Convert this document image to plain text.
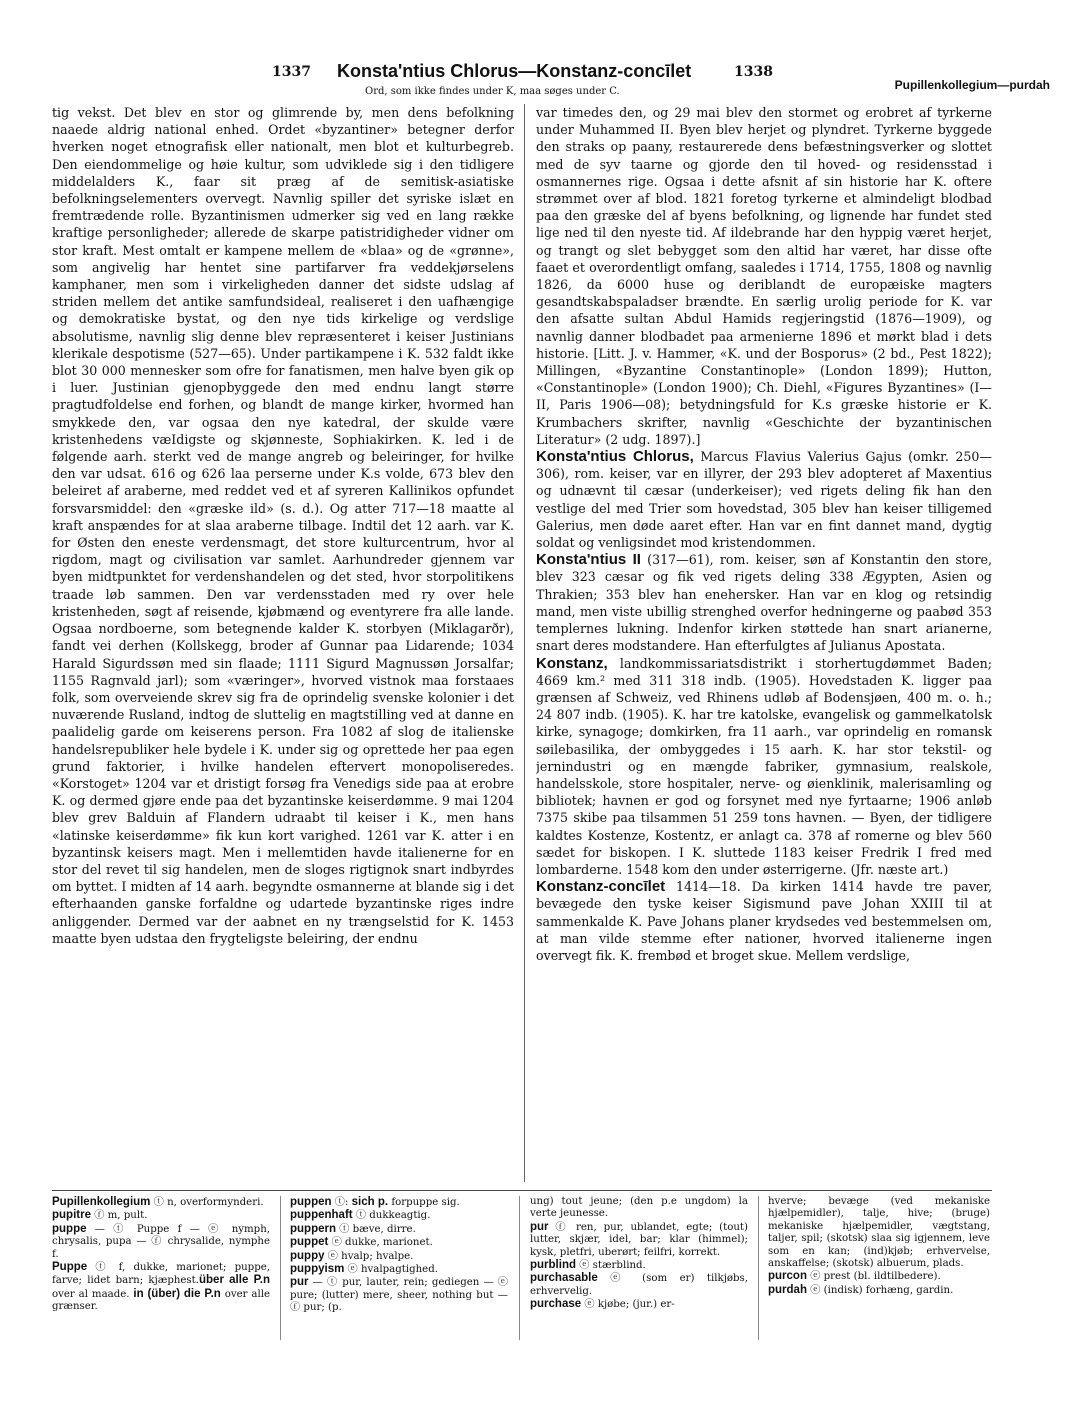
1337 Konsta'ntius Chlorus—Konstanz-concīlet	1338
Pupillenkollegium—purdah
Ord, som ikke findes under K, maa søges under C.

tig vekst. Det blev en stor og glimrende by, men dens befolkning naaede aldrig national enhed. Ordet «byzantiner» betegner derfor hverken noget etnografisk eller nationalt, men blot et kulturbegreb. Den eiendommelige og høie kultur, som udviklede sig i den tidligere middelalders K., faar sit præg af de semitisk-asiatiske befolkningselementers overvegt. Navnlig spiller det syriske islæt en fremtrædende rolle. Byzantinismen udmerker sig ved en lang række kraftige personligheder; allerede de skarpe patistridigheder vidner om stor kraft. Mest omtalt er kampene mellem de «blaa» og de «grønne», som angivelig har hentet sine partifarver fra veddekjørselens kamphaner, men som i virkeligheden danner det sidste udslag af striden mellem det antike samfundsideal, realiseret i den uafhængige og demokratiske bystat, og den nye tids kirkelige og verdslige absolutisme, navnlig slig denne blev repræsenteret i keiser Justinians klerikale despotisme (527—65). Under partikampene i K. 532 faldt ikke blot 30 000 mennesker som ofre for fanatismen, men halve byen gik op i luer. Justinian gjenopbyggede den med endnu langt større pragtudfoldelse end forhen, og blandt de mange kirker, hvormed han smykkede den, var ogsaa den nye katedral, der skulde være kristenhedens væIdigste og skjønneste, Sophiakirken. K. led i de følgende aarh. sterkt ved de mange angreb og beleiringer, for hvilke den var udsat. 616 og 626 laa perserne under K.s volde, 673 blev den beleiret af araberne, med reddet ved et af syreren Kallinikos opfundet forsvarsmiddel: den «græske ild» (s. d.). Og atter 717—18 maatte al kraft anspændes for at slaa araberne tilbage. Indtil det 12 aarh. var K. for Østen den eneste verdensmagt, det store kulturcentrum, hvor al rigdom, magt og civilisation var samlet. Aarhundreder gjennem var byen midtpunktet for verdenshandelen og det sted, hvor storpolitikens traade løb sammen. Den var verdensstaden med ry over hele kristenheden, søgt af reisende, kjøbmænd og eventyrere fra alle lande. Ogsaa nordboerne, som betegnende kalder K. storbyen (Miklagarðr), fandt vei derhen (Kollskegg, broder af Gunnar paa Lidarende; 1034 Harald Sigurdssøn med sin flaade; 1111 Sigurd Magnussøn Jorsalfar; 1155 Ragnvald jarl); som «væringer», hvorved vistnok maa forstaaes folk, som overveiende skrev sig fra de oprindelig svenske kolonier i det nuværende Rusland, indtog de sluttelig en magtstilling ved at danne en paalidelig garde om keiserens person. Fra 1082 af slog de italienske handelsrepubliker hele bydele i K. under sig og oprettede her paa egen grund faktorier, i hvilke handelen eftervert monopoliseredes. «Korstoget» 1204 var et dristigt forsøg fra Venedigs side paa at erobre K. og dermed gjøre ende paa det byzantinske keiserdømme. 9 mai 1204 blev grev Balduin af Flandern udraabt til keiser i K., men hans «latinske keiserdømme» fik kun kort varighed. 1261 var K. atter i en byzantinsk keisers magt. Men i mellemtiden havde italienerne for en stor del revet til sig handelen, men de sloges rigtignok snart indbyrdes om byttet. I midten af 14 aarh. begyndte osmannerne at blande sig i det efterhaanden ganske forfaldne og udartede byzantinske riges indre anliggender. Dermed var der aabnet en ny trængselstid for K. 1453 maatte byen udstaa den frygteligste beleiring, der endnu

var timedes den, og 29 mai blev den stormet og erobret af tyrkerne under Muhammed II. Byen blev herjet og plyndret. Tyrkerne byggede den straks op paany, restaurerede dens befæstningsverker og slottet med de syv taarne og gjorde den til hoved- og residensstad i osmannernes rige. Ogsaa i dette afsnit af sin historie har K. oftere strømmet over af blod. 1821 foretog tyrkerne et almindeligt blodbad paa den græske del af byens befolkning, og lignende har fundet sted lige ned til den nyeste tid. Af ildebrande har den hyppig været herjet, og trangt og slet bebygget som den altid har været, har disse ofte faaet et overordentligt omfang, saaledes i 1714, 1755, 1808 og navnlig 1826, da 6000 huse og deriblandt de europæiske magters gesandtskabspaladser brændte. En særlig urolig periode for K. var den afsatte sultan Abdul Hamids regjeringstid (1876—1909), og navnlig danner blodbadet paa armenierne 1896 et mørkt blad i dets historie. [Litt. J. v. Hammer, «K. und der Bosporus» (2 bd., Pest 1822); Millingen, «Byzantine Constantinople» (London 1899); Hutton, «Constantinople» (London 1900); Ch. Diehl, «Figures Byzantines» (I—II, Paris 1906—08); betydningsfuld for K.s græske historie er K. Krumbachers skrifter, navnlig «Geschichte der byzantinischen Literatur» (2 udg. 1897).]

Konsta'ntius Chlorus, Marcus Flavius Valerius Gajus (omkr. 250—306), rom. keiser, var en illyrer, der 293 blev adopteret af Maxentius og udnævnt til cæsar (underkeiser); ved rigets deling fik han den vestlige del med Trier som hovedstad, 305 blev han keiser tilligemed Galerius, men døde aaret efter. Han var en fint dannet mand, dygtig soldat og venligsindet mod kristendommen.

Konsta'ntius II (317—61), rom. keiser, søn af Konstantin den store, blev 323 cæsar og fik ved rigets deling 338 Ægypten, Asien og Thrakien; 353 blev han enehersker. Han var en klog og retsindig mand, men viste ubillig strenghed overfor hedningerne og paabød 353 templernes lukning. Indenfor kirken støttede han snart arianerne, snart deres modstandere. Han efterfulgtes af Julianus Apostata.

Konstanz, landkommissariatsdistrikt i storhertugdømmet Baden; 4669 km.² med 311 318 indb. (1905). Hovedstaden K. ligger paa grænsen af Schweiz, ved Rhinens udløb af Bodensjøen, 400 m. o. h.; 24 807 indb. (1905). K. har tre katolske, evangelisk og gammelkatolsk kirke, synagoge; domkirken, fra 11 aarh., var oprindelig en romansk søilebasilika, der ombyggedes i 15 aarh. K. har stor tekstil- og jernindustri og en mængde fabriker, gymnasium, realskole, handelsskole, store hospitaler, nerve- og øienklinik, malerisamling og bibliotek; havnen er god og forsynet med nye fyrtaarne; 1906 anløb 7375 skibe paa tilsammen 51 259 tons havnen. — Byen, der tidligere kaldtes Kostenze, Kostentz, er anlagt ca. 378 af romerne og blev 560 sædet for biskopen. I K. sluttede 1183 keiser Fredrik I fred med lombarderne. 1548 kom den under østerrigerne. (Jfr. næste art.)

Konstanz-concīlet 1414—18. Da kirken 1414 havde tre paver, bevægede den tyske keiser Sigismund pave Johan XXIII til at sammenkalde K. Pave Johans planer krydsedes ved bestemmelsen om, at man vilde stemme efter nationer, hvorved italienerne ingen overvegt fik. K. frembød et broget skue. Mellem verdslige,

Pupillenkollegium ⓣ n, overformynderi.

pupitre ⓕ m, pult.

puppe — ⓣ Puppe f — ⓔ nymph, chrysalis, pupa — ⓕ chrysalide, nymphe f.

Puppe ⓣ f, dukke, marionet; puppe, farve; lidet barn; kjæphest.über alle P.n over al maade. in (über) die P.n over alle grænser.

puppen ⓣ: sich p. forpuppe sig.

puppenhaft ⓣ dukkeagtig.

puppern ⓣ bæve, dirre.

puppet ⓔ dukke, marionet.

puppy ⓔ hvalp; hvalpe.

puppyism ⓔ hvalpagtighed.

pur — ⓣ pur, lauter, rein; gediegen — ⓔ pure; (lutter) mere, sheer, nothing but — ⓕ pur; (p.

ung) tout jeune; (den p.e ungdom) la verte jeunesse.

pur ⓕ ren, pur, ublandet, egte; (tout) lutter, skjær, idel, bar; klar (himmel); kysk, pletfri, uberørt; feilfri, korrekt.

purblind ⓔ stærblind.

purchasable ⓔ (som er) tilkjøbs, erhvervelig.

purchase ⓔ kjøbe; (jur.) er-

hverve; bevæge (ved mekaniske hjælpemidler), talje, hive; (bruge) mekaniske hjælpemidler, vægtstang, taljer, spil; (skotsk) slaa sig igjennem, leve som en kan; (ind)kjøb; erhvervelse, anskaffelse; (skotsk) albuerum, plads.

purcon ⓔ prest (bl. ildtilbedere).

purdah ⓔ (indisk) forhæng, gardin.
